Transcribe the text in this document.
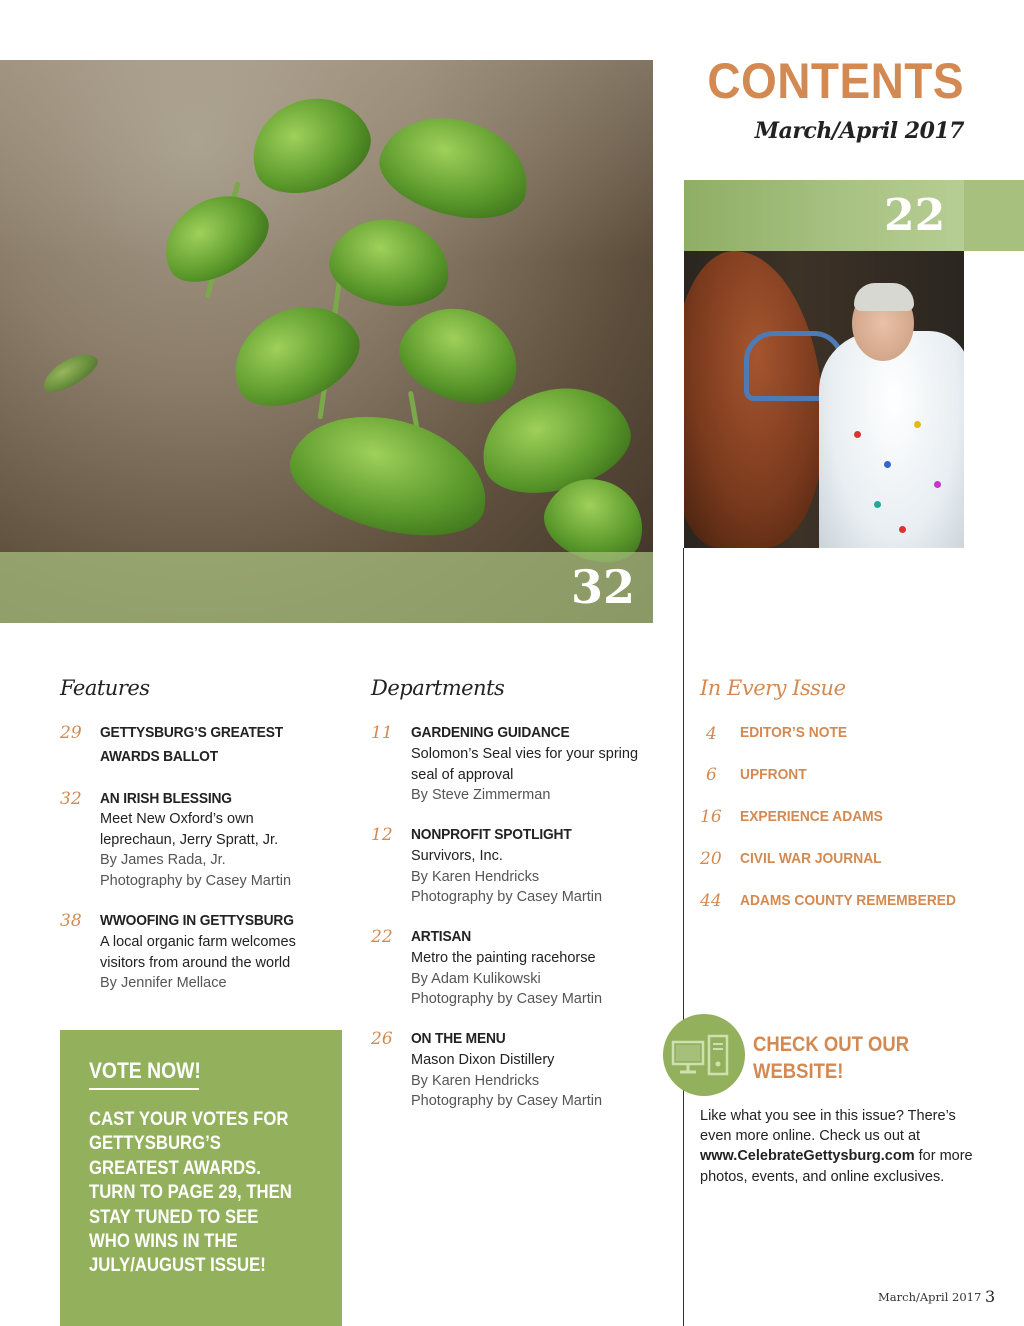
32
CONTENTS
March/April 2017
22
Features
29 GETTYSBURG’S GREATEST
AWARDS BALLOT
32 AN IRISH BLESSING
Meet New Oxford’s own
leprechaun, Jerry Spratt, Jr.
By James Rada, Jr.
Photography by Casey Martin
38 WWOOFING IN GETTYSBURG
A local organic farm welcomes
visitors from around the world
By Jennifer Mellace
VOTE NOW!
CAST YOUR VOTES FOR GETTYSBURG’S GREATEST AWARDS. TURN TO PAGE 29, THEN STAY TUNED TO SEE WHO WINS IN THE JULY/AUGUST ISSUE!
Departments
11 GARDENING GUIDANCE
Solomon’s Seal vies for your spring
seal of approval
By Steve Zimmerman
12 NONPROFIT SPOTLIGHT
Survivors, Inc.
By Karen Hendricks
Photography by Casey Martin
22 ARTISAN
Metro the painting racehorse
By Adam Kulikowski
Photography by Casey Martin
26 ON THE MENU
Mason Dixon Distillery
By Karen Hendricks
Photography by Casey Martin
In Every Issue
4 EDITOR’S NOTE
6 UPFRONT
16 EXPERIENCE ADAMS
20 CIVIL WAR JOURNAL
44 ADAMS COUNTY REMEMBERED
CHECK OUT OUR
WEBSITE!
Like what you see in this issue? There’s even more online. Check us out at www.CelebrateGettysburg.com for more photos, events, and online exclusives.
March/April 2017 3
